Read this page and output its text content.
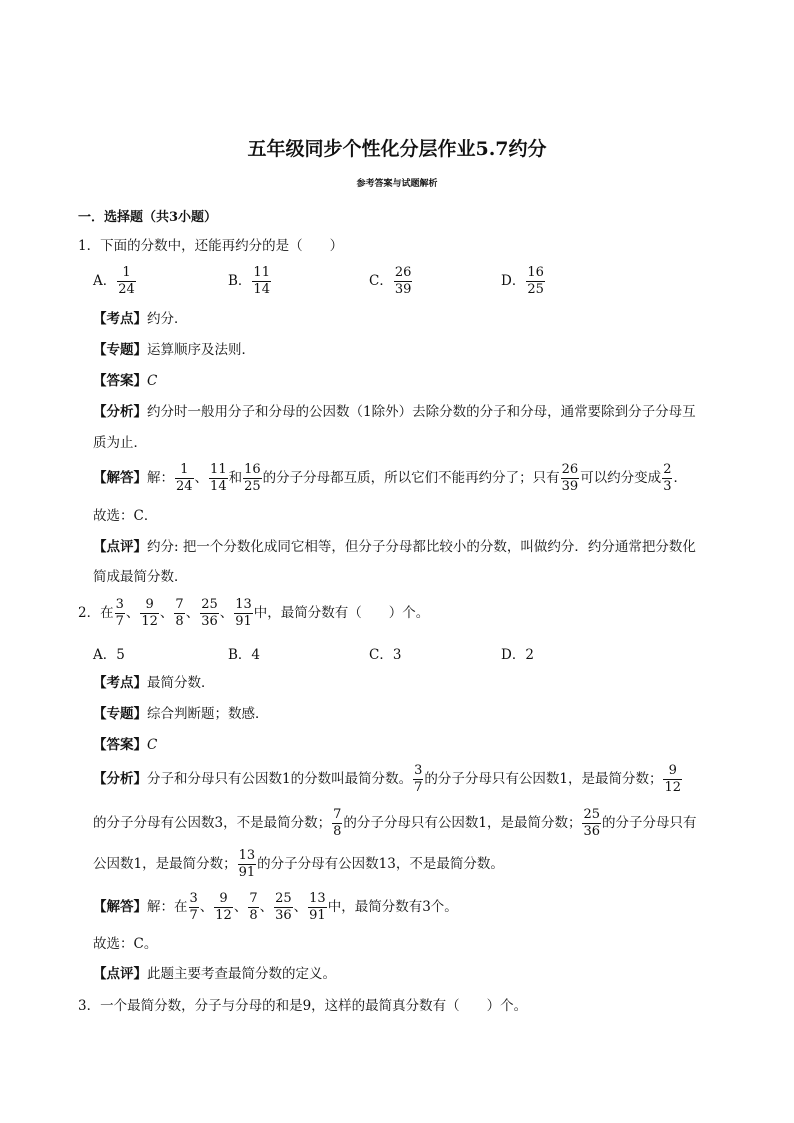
五年级同步个性化分层作业5.7约分
参考答案与试题解析
一．选择题（共3小题）
1．下面的分数中，还能再约分的是（　　）
A． $\frac{1}{24}$	B． $\frac{11}{14}$	C． $\frac{26}{39}$	D． $\frac{16}{25}$
【考点】约分．
【专题】运算顺序及法则．
【答案】C
【分析】约分时一般用分子和分母的公因数（1除外）去除分数的分子和分母，通常要除到分子分母互
质为止．
【解答】解： $\frac{1}{24}$ 、 $\frac{11}{14}$ 和 $\frac{16}{25}$ 的分子分母都互质，所以它们不能再约分了；只有 $\frac{26}{39}$ 可以约分变成 $\frac{2}{3}$ ．
故选：C．
【点评】约分: 把一个分数化成同它相等，但分子分母都比较小的分数，叫做约分．约分通常把分数化
简成最简分数．
2．在 $\frac{3}{7}$ 、 $\frac{9}{12}$ 、 $\frac{7}{8}$ 、 $\frac{25}{36}$ 、 $\frac{13}{91}$ 中，最简分数有（　　）个。
A．5	B．4	C．3	D．2
【考点】最简分数．
【专题】综合判断题；数感．
【答案】C
【分析】分子和分母只有公因数1的分数叫最简分数。 $\frac{3}{7}$ 的分子分母只有公因数1，是最简分数； $\frac{9}{12}$
的分子分母有公因数3，不是最简分数； $\frac{7}{8}$ 的分子分母只有公因数1，是最简分数； $\frac{25}{36}$ 的分子分母只有
公因数1，是最简分数； $\frac{13}{91}$ 的分子分母有公因数13，不是最简分数。
【解答】解：在 $\frac{3}{7}$ 、 $\frac{9}{12}$ 、 $\frac{7}{8}$ 、 $\frac{25}{36}$ 、 $\frac{13}{91}$ 中，最简分数有3个。
故选：C。
【点评】此题主要考查最简分数的定义。
3．一个最简分数，分子与分母的和是9，这样的最简真分数有（　　）个。
